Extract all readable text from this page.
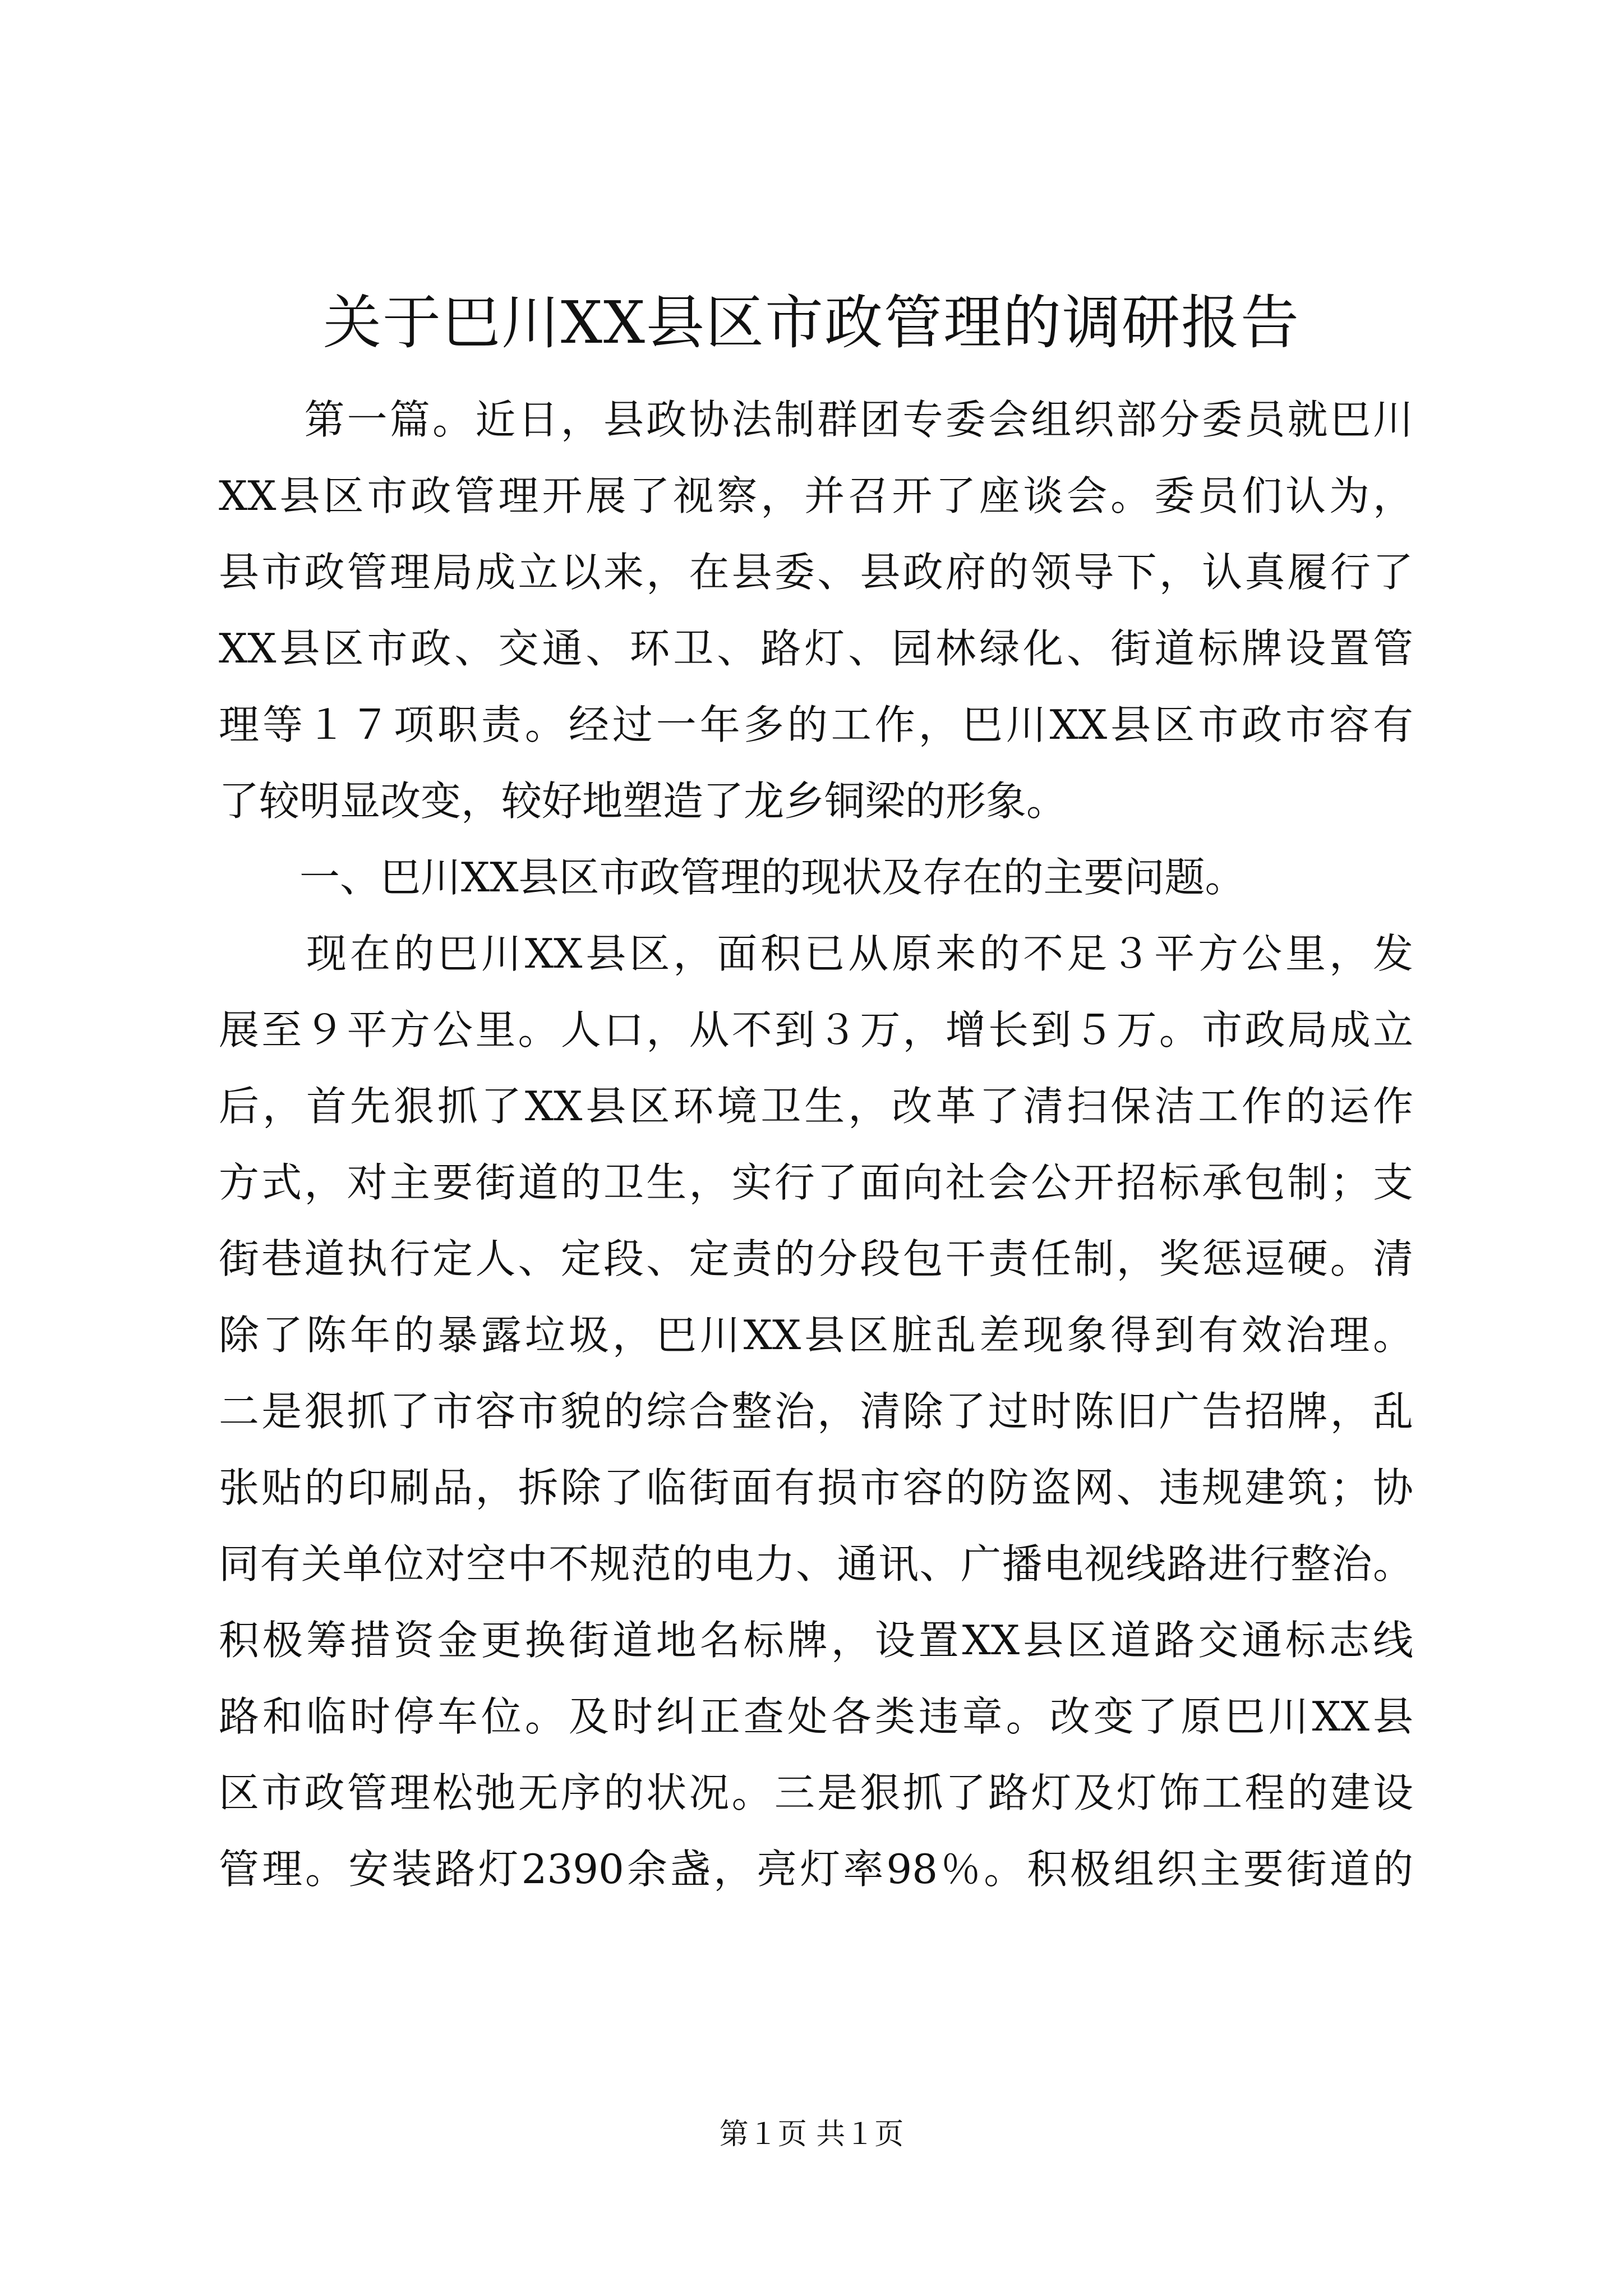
关于巴川XX县区市政管理的调研报告
　　第一篇。近日，县政协法制群团专委会组织部分委员就巴川
XX县区市政管理开展了视察，并召开了座谈会。委员们认为，
县市政管理局成立以来，在县委、县政府的领导下，认真履行了
XX县区市政、交通、环卫、路灯、园林绿化、街道标牌设置管
理等１７项职责。经过一年多的工作，巴川XX县区市政市容有
了较明显改变，较好地塑造了龙乡铜梁的形象。
　　一、巴川XX县区市政管理的现状及存在的主要问题。
　　现在的巴川XX县区，面积已从原来的不足３平方公里，发
展至９平方公里。人口，从不到３万，增长到５万。市政局成立
后，首先狠抓了XX县区环境卫生，改革了清扫保洁工作的运作
方式，对主要街道的卫生，实行了面向社会公开招标承包制；支
街巷道执行定人、定段、定责的分段包干责任制，奖惩逗硬。清
除了陈年的暴露垃圾，巴川XX县区脏乱差现象得到有效治理。
二是狠抓了市容市貌的综合整治，清除了过时陈旧广告招牌，乱
张贴的印刷品，拆除了临街面有损市容的防盗网、违规建筑；协
同有关单位对空中不规范的电力、通讯、广播电视线路进行整治。
积极筹措资金更换街道地名标牌，设置XX县区道路交通标志线
路和临时停车位。及时纠正查处各类违章。改变了原巴川XX县
区市政管理松弛无序的状况。三是狠抓了路灯及灯饰工程的建设
管理。安装路灯2390余盏，亮灯率98％。积极组织主要街道的
第１页 共１页
